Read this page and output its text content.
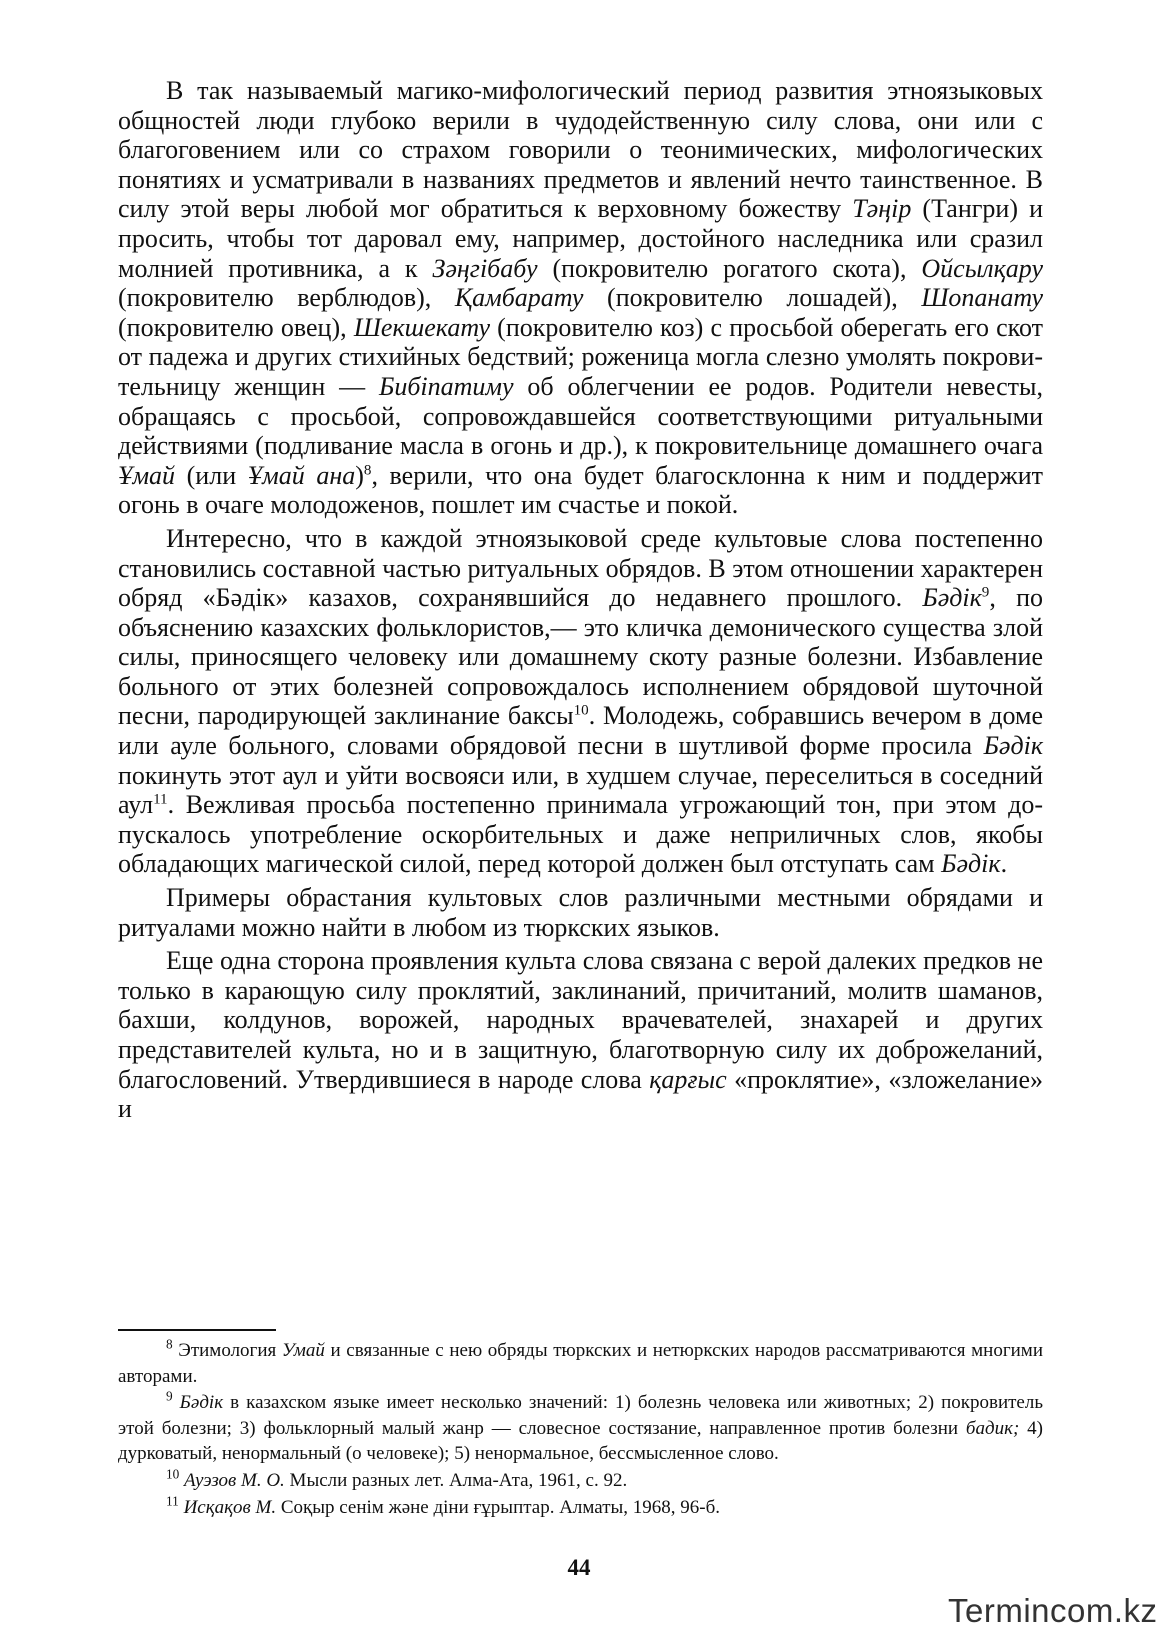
В так называемый магико-мифологический период развития этноязыковых общностей люди глубоко верили в чудодейственную силу слова, они или с благоговением или со страхом говорили о теонимических, мифологических понятиях и усматривали в названиях предметов и явлений нечто таинственное. В силу этой веры любой мог обратиться к верховному божеству Тәңір (Тангри) и просить, чтобы тот даровал ему, например, достойного наследника или сразил молнией противника, а к Зәңгібабу (покровителю рогатого скота), Ойсылқару (покровителю верблюдов), Қамбарату (покровителю лошадей), Шопанату (покровителю овец), Шекшекату (покровителю коз) с просьбой оберегать его скот от падежа и других стихийных бедствий; роженица могла слезно умолять покровительницу женщин — Бибіпатиму об облегчении ее родов. Родители невесты, обращаясь с просьбой, сопровождавшейся соответствующими ритуальными действиями (подливание масла в огонь и др.), к покровительнице домашнего очага Ұмай (или Ұмай ана)$^8$, верили, что она будет благосклонна к ним и поддержит огонь в очаге молодоженов, пошлет им счастье и покой.

Интересно, что в каждой этноязыковой среде культовые слова постепенно становились составной частью ритуальных обрядов. В этом отношении характерен обряд «Бәдік» казахов, сохранявшийся до недавнего прошлого. Бәдік$^9$, по объяснению казахских фольклористов,— это кличка демонического существа злой силы, приносящего человеку или домашнему скоту разные болезни. Избавление больного от этих болезней сопровождалось исполнением обрядовой шуточной песни, пародирующей заклинание баксы$^{10}$. Молодежь, собравшись вечером в доме или ауле больного, словами обрядовой песни в шутливой форме просила Бәдік покинуть этот аул и уйти восвояси или, в худшем случае, переселиться в соседний аул$^{11}$. Вежливая просьба постепенно принимала угрожающий тон, при этом допускалось употребление оскорбительных и даже неприличных слов, якобы обладающих магической силой, перед которой должен был отступать сам Бәдік.

Примеры обрастания культовых слов различными местными обрядами и ритуалами можно найти в любом из тюркских языков.

Еще одна сторона проявления культа слова связана с верой далеких предков не только в карающую силу проклятий, заклинаний, причитаний, молитв шаманов, бахши, колдунов, ворожей, народных врачевателей, знахарей и других представителей культа, но и в защитную, благотворную силу их доброжеланий, благословений. Утвердившиеся в народе слова қарғыс «проклятие», «зложелание» и

$^8$ Этимология Умай и связанные с нею обряды тюркских и нетюркских народов рассматриваются многими авторами.

$^9$ Бәдік в казахском языке имеет несколько значений: 1) болезнь человека или животных; 2) покровитель этой болезни; 3) фольклорный малый жанр — словесное состязание, направленное против болезни бадик; 4) дурковатый, ненормальный (о человеке); 5) ненормальное, бессмысленное слово.

$^{10}$ Ауэзов М. О. Мысли разных лет. Алма-Ата, 1961, с. 92.

$^{11}$ Исқақов М. Соқыр сенім және діни ғұрыптар. Алматы, 1968, 96-б.

44
Termincom.kz
